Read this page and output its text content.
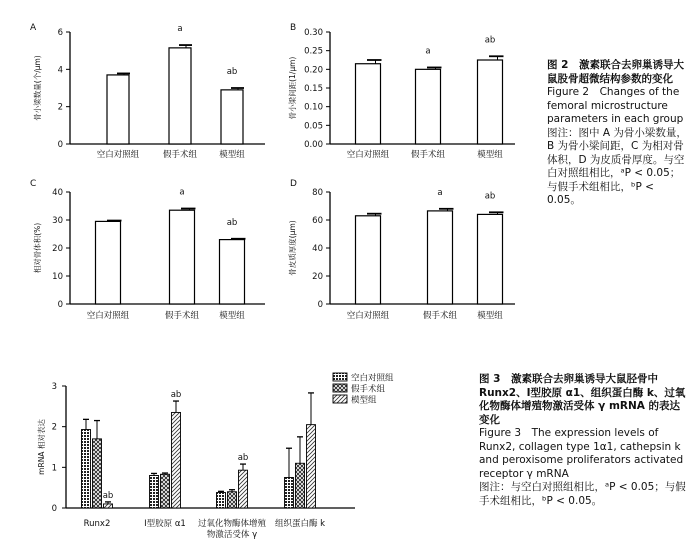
A
0
2
4
6
骨小梁数量(个/μm)
空白对照组
a
假手术组
ab
模型组
B
0.00
0.05
0.10
0.15
0.20
0.25
0.30
骨小梁间距(1/μm)
空白对照组
a
假手术组
ab
模型组
C
0
10
20
30
40
相对骨体积(%)
空白对照组
a
假手术组
ab
模型组
D
0
20
40
60
80
骨皮质厚度(μm)
空白对照组
a
假手术组
ab
模型组
0
1
2
3
mRNA 相对表达
ab
Runx2
ab
Ⅰ型胶原 α1
ab
过氧化物酶体增殖
物激活受体 γ
组织蛋白酶 k
空白对照组
假手术组
模型组
图 2　激素联合去卵巢诱导大鼠股骨超微结构参数的变化
Figure 2　Changes of the femoral microstructure parameters in each group
图注：图中 A 为骨小梁数量，B 为骨小梁间距，C 为相对骨体积，D 为皮质骨厚度。与空白对照组相比，ᵃP < 0.05；与假手术组相比，ᵇP < 0.05。
图 3　激素联合去卵巢诱导大鼠胫骨中 Runx2、Ⅰ型胶原 α1、组织蛋白酶 k、过氧化物酶体增殖物激活受体 γ mRNA 的表达变化
Figure 3　The expression levels of Runx2, collagen type 1α1, cathepsin k and peroxisome proliferators activated receptor γ mRNA
图注：与空白对照组相比，ᵃP < 0.05；与假手术组相比，ᵇP < 0.05。
